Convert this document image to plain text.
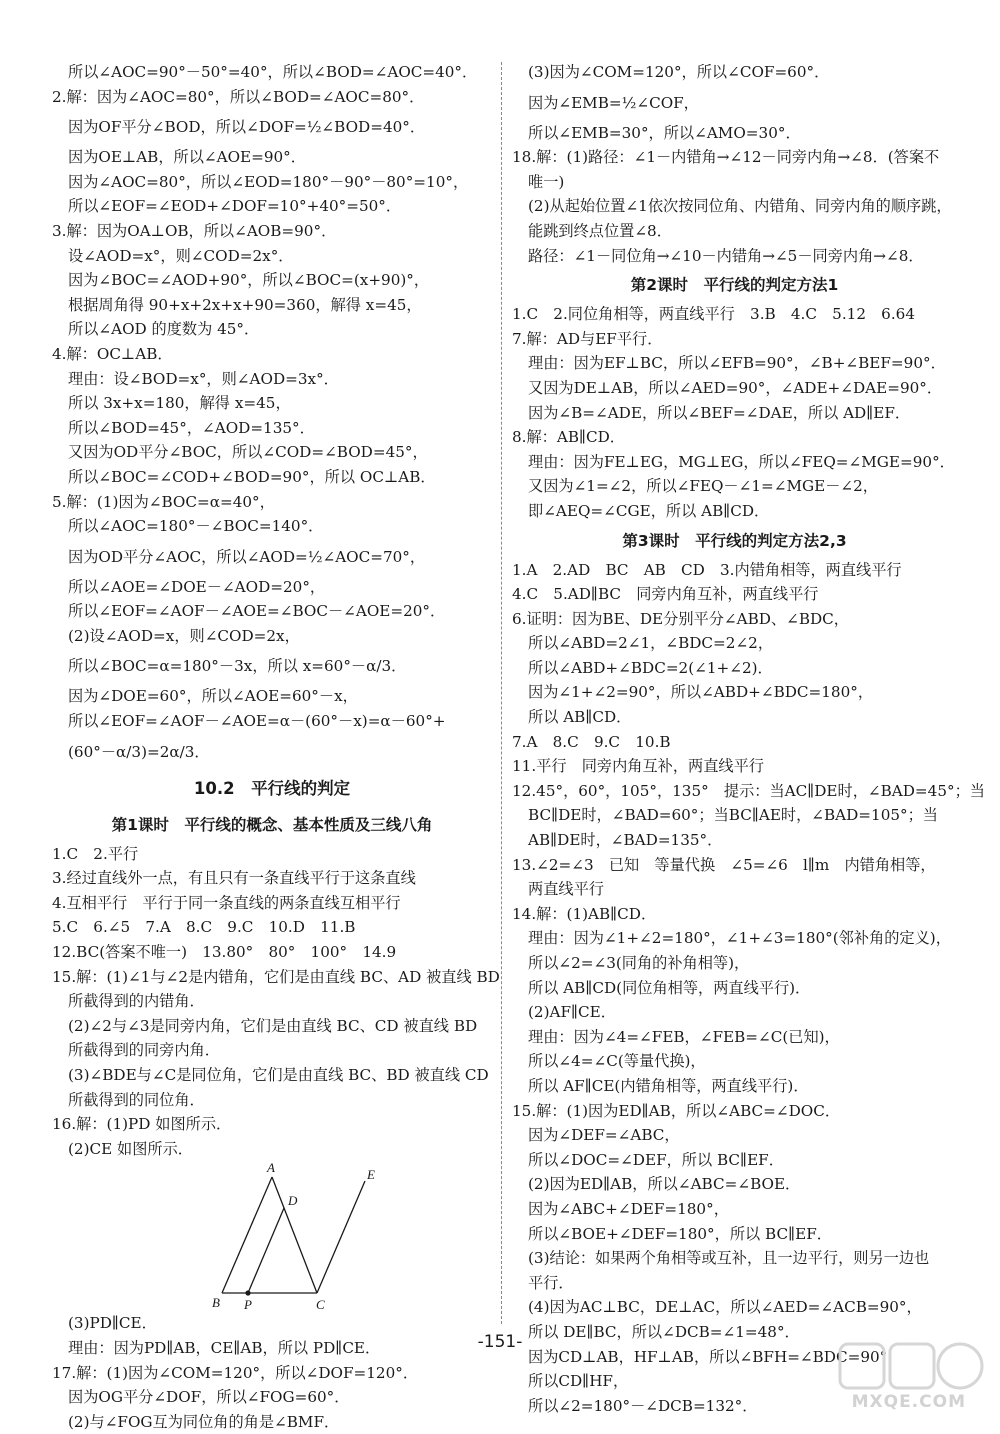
所以∠AOC=90°－50°=40°，所以∠BOD=∠AOC=40°．
2.解：因为∠AOC=80°，所以∠BOD=∠AOC=80°．
因为OF平分∠BOD，所以∠DOF=½∠BOD=40°．
因为OE⊥AB，所以∠AOE=90°．
因为∠AOC=80°，所以∠EOD=180°－90°－80°=10°，
所以∠EOF=∠EOD+∠DOF=10°+40°=50°．
3.解：因为OA⊥OB，所以∠AOB=90°．
设∠AOD=x°，则∠COD=2x°．
因为∠BOC=∠AOD+90°，所以∠BOC=(x+90)°，
根据周角得 90+x+2x+x+90=360，解得 x=45，
所以∠AOD 的度数为 45°．
4.解：OC⊥AB．
理由：设∠BOD=x°，则∠AOD=3x°．
所以 3x+x=180，解得 x=45，
所以∠BOD=45°，∠AOD=135°．
又因为OD平分∠BOC，所以∠COD=∠BOD=45°，
所以∠BOC=∠COD+∠BOD=90°，所以 OC⊥AB．
5.解：(1)因为∠BOC=α=40°，
所以∠AOC=180°－∠BOC=140°．
因为OD平分∠AOC，所以∠AOD=½∠AOC=70°，
所以∠AOE=∠DOE－∠AOD=20°，
所以∠EOF=∠AOF－∠AOE=∠BOC－∠AOE=20°．
(2)设∠AOD=x，则∠COD=2x，
所以∠BOC=α=180°－3x，所以 x=60°－α/3．
因为∠DOE=60°，所以∠AOE=60°－x，
所以∠EOF=∠AOF－∠AOE=α－(60°－x)=α－60°+
(60°－α/3)=2α/3．
10.2　平行线的判定
第1课时　平行线的概念、基本性质及三线八角
1.C　2.平行
3.经过直线外一点，有且只有一条直线平行于这条直线
4.互相平行　平行于同一条直线的两条直线互相平行
5.C　6.∠5　7.A　8.C　9.C　10.D　11.B
12.BC(答案不唯一)　13.80°　80°　100°　14.9
15.解：(1)∠1与∠2是内错角，它们是由直线 BC、AD 被直线 BD
所截得到的内错角．
(2)∠2与∠3是同旁内角，它们是由直线 BC、CD 被直线 BD
所截得到的同旁内角．
(3)∠BDE与∠C是同位角，它们是由直线 BC、BD 被直线 CD
所截得到的同位角．
16.解：(1)PD 如图所示．
(2)CE 如图所示．
A
D
E
B P	C
(3)PD∥CE．
理由：因为PD∥AB，CE∥AB，所以 PD∥CE．
17.解：(1)因为∠COM=120°，所以∠DOF=120°．
因为OG平分∠DOF，所以∠FOG=60°．
(2)与∠FOG互为同位角的角是∠BMF．
(3)因为∠COM=120°，所以∠COF=60°．
因为∠EMB=½∠COF，
所以∠EMB=30°，所以∠AMO=30°．
18.解：(1)路径：∠1－内错角→∠12－同旁内角→∠8．(答案不
唯一)
(2)从起始位置∠1依次按同位角、内错角、同旁内角的顺序跳，
能跳到终点位置∠8．
路径：∠1－同位角→∠10－内错角→∠5－同旁内角→∠8．
第2课时　平行线的判定方法1
1.C　2.同位角相等，两直线平行　3.B　4.C　5.12　6.64
7.解：AD与EF平行．
理由：因为EF⊥BC，所以∠EFB=90°，∠B+∠BEF=90°．
又因为DE⊥AB，所以∠AED=90°，∠ADE+∠DAE=90°．
因为∠B=∠ADE，所以∠BEF=∠DAE，所以 AD∥EF．
8.解：AB∥CD．
理由：因为FE⊥EG，MG⊥EG，所以∠FEQ=∠MGE=90°．
又因为∠1=∠2，所以∠FEQ－∠1=∠MGE－∠2，
即∠AEQ=∠CGE，所以 AB∥CD．
第3课时　平行线的判定方法2,3
1.A　2.AD　BC　AB　CD　3.内错角相等，两直线平行
4.C　5.AD∥BC　同旁内角互补，两直线平行
6.证明：因为BE、DE分别平分∠ABD、∠BDC，
所以∠ABD=2∠1，∠BDC=2∠2，
所以∠ABD+∠BDC=2(∠1+∠2)．
因为∠1+∠2=90°，所以∠ABD+∠BDC=180°，
所以 AB∥CD．
7.A　8.C　9.C　10.B
11.平行　同旁内角互补，两直线平行
12.45°，60°，105°，135°　提示：当AC∥DE时，∠BAD=45°；当
BC∥DE时，∠BAD=60°；当BC∥AE时，∠BAD=105°；当
AB∥DE时，∠BAD=135°．
13.∠2=∠3　已知　等量代换　∠5=∠6　l∥m　内错角相等，
两直线平行
14.解：(1)AB∥CD．
理由：因为∠1+∠2=180°，∠1+∠3=180°(邻补角的定义)，
所以∠2=∠3(同角的补角相等)，
所以 AB∥CD(同位角相等，两直线平行)．
(2)AF∥CE．
理由：因为∠4=∠FEB，∠FEB=∠C(已知)，
所以∠4=∠C(等量代换)，
所以 AF∥CE(内错角相等，两直线平行)．
15.解：(1)因为ED∥AB，所以∠ABC=∠DOC．
因为∠DEF=∠ABC，
所以∠DOC=∠DEF，所以 BC∥EF．
(2)因为ED∥AB，所以∠ABC=∠BOE．
因为∠ABC+∠DEF=180°，
所以∠BOE+∠DEF=180°，所以 BC∥EF．
(3)结论：如果两个角相等或互补，且一边平行，则另一边也
平行．
(4)因为AC⊥BC，DE⊥AC，所以∠AED=∠ACB=90°，
所以 DE∥BC，所以∠DCB=∠1=48°．
因为CD⊥AB，HF⊥AB，所以∠BFH=∠BDC=90°，
所以CD∥HF，
所以∠2=180°－∠DCB=132°．
-151-
MXQE.COM
